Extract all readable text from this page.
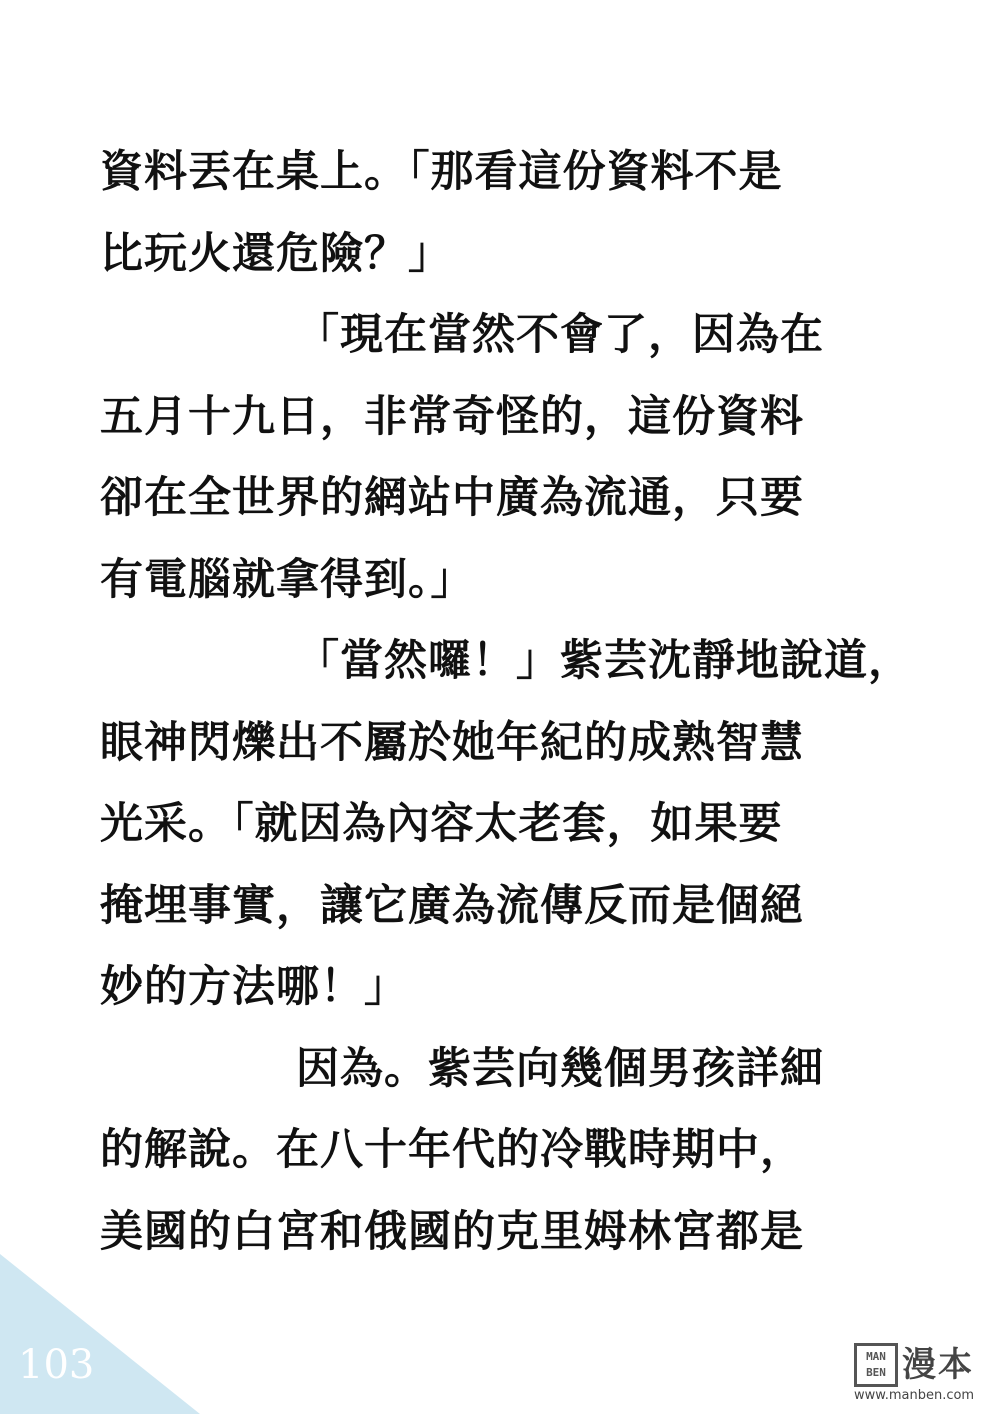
資料丟在桌上。「那看這份資料不是
比玩火還危險？」
「現在當然不會了，因為在
五月十九日，非常奇怪的，這份資料
卻在全世界的網站中廣為流通，只要
有電腦就拿得到。」
「當然囉！」紫芸沈靜地說道，
眼神閃爍出不屬於她年紀的成熟智慧
光采。「就因為內容太老套，如果要
掩埋事實，讓它廣為流傳反而是個絕
妙的方法哪！」
因為。紫芸向幾個男孩詳細
的解說。在八十年代的冷戰時期中，
美國的白宮和俄國的克里姆林宮都是
103	MAN BEN 漫本
www.manben.com
